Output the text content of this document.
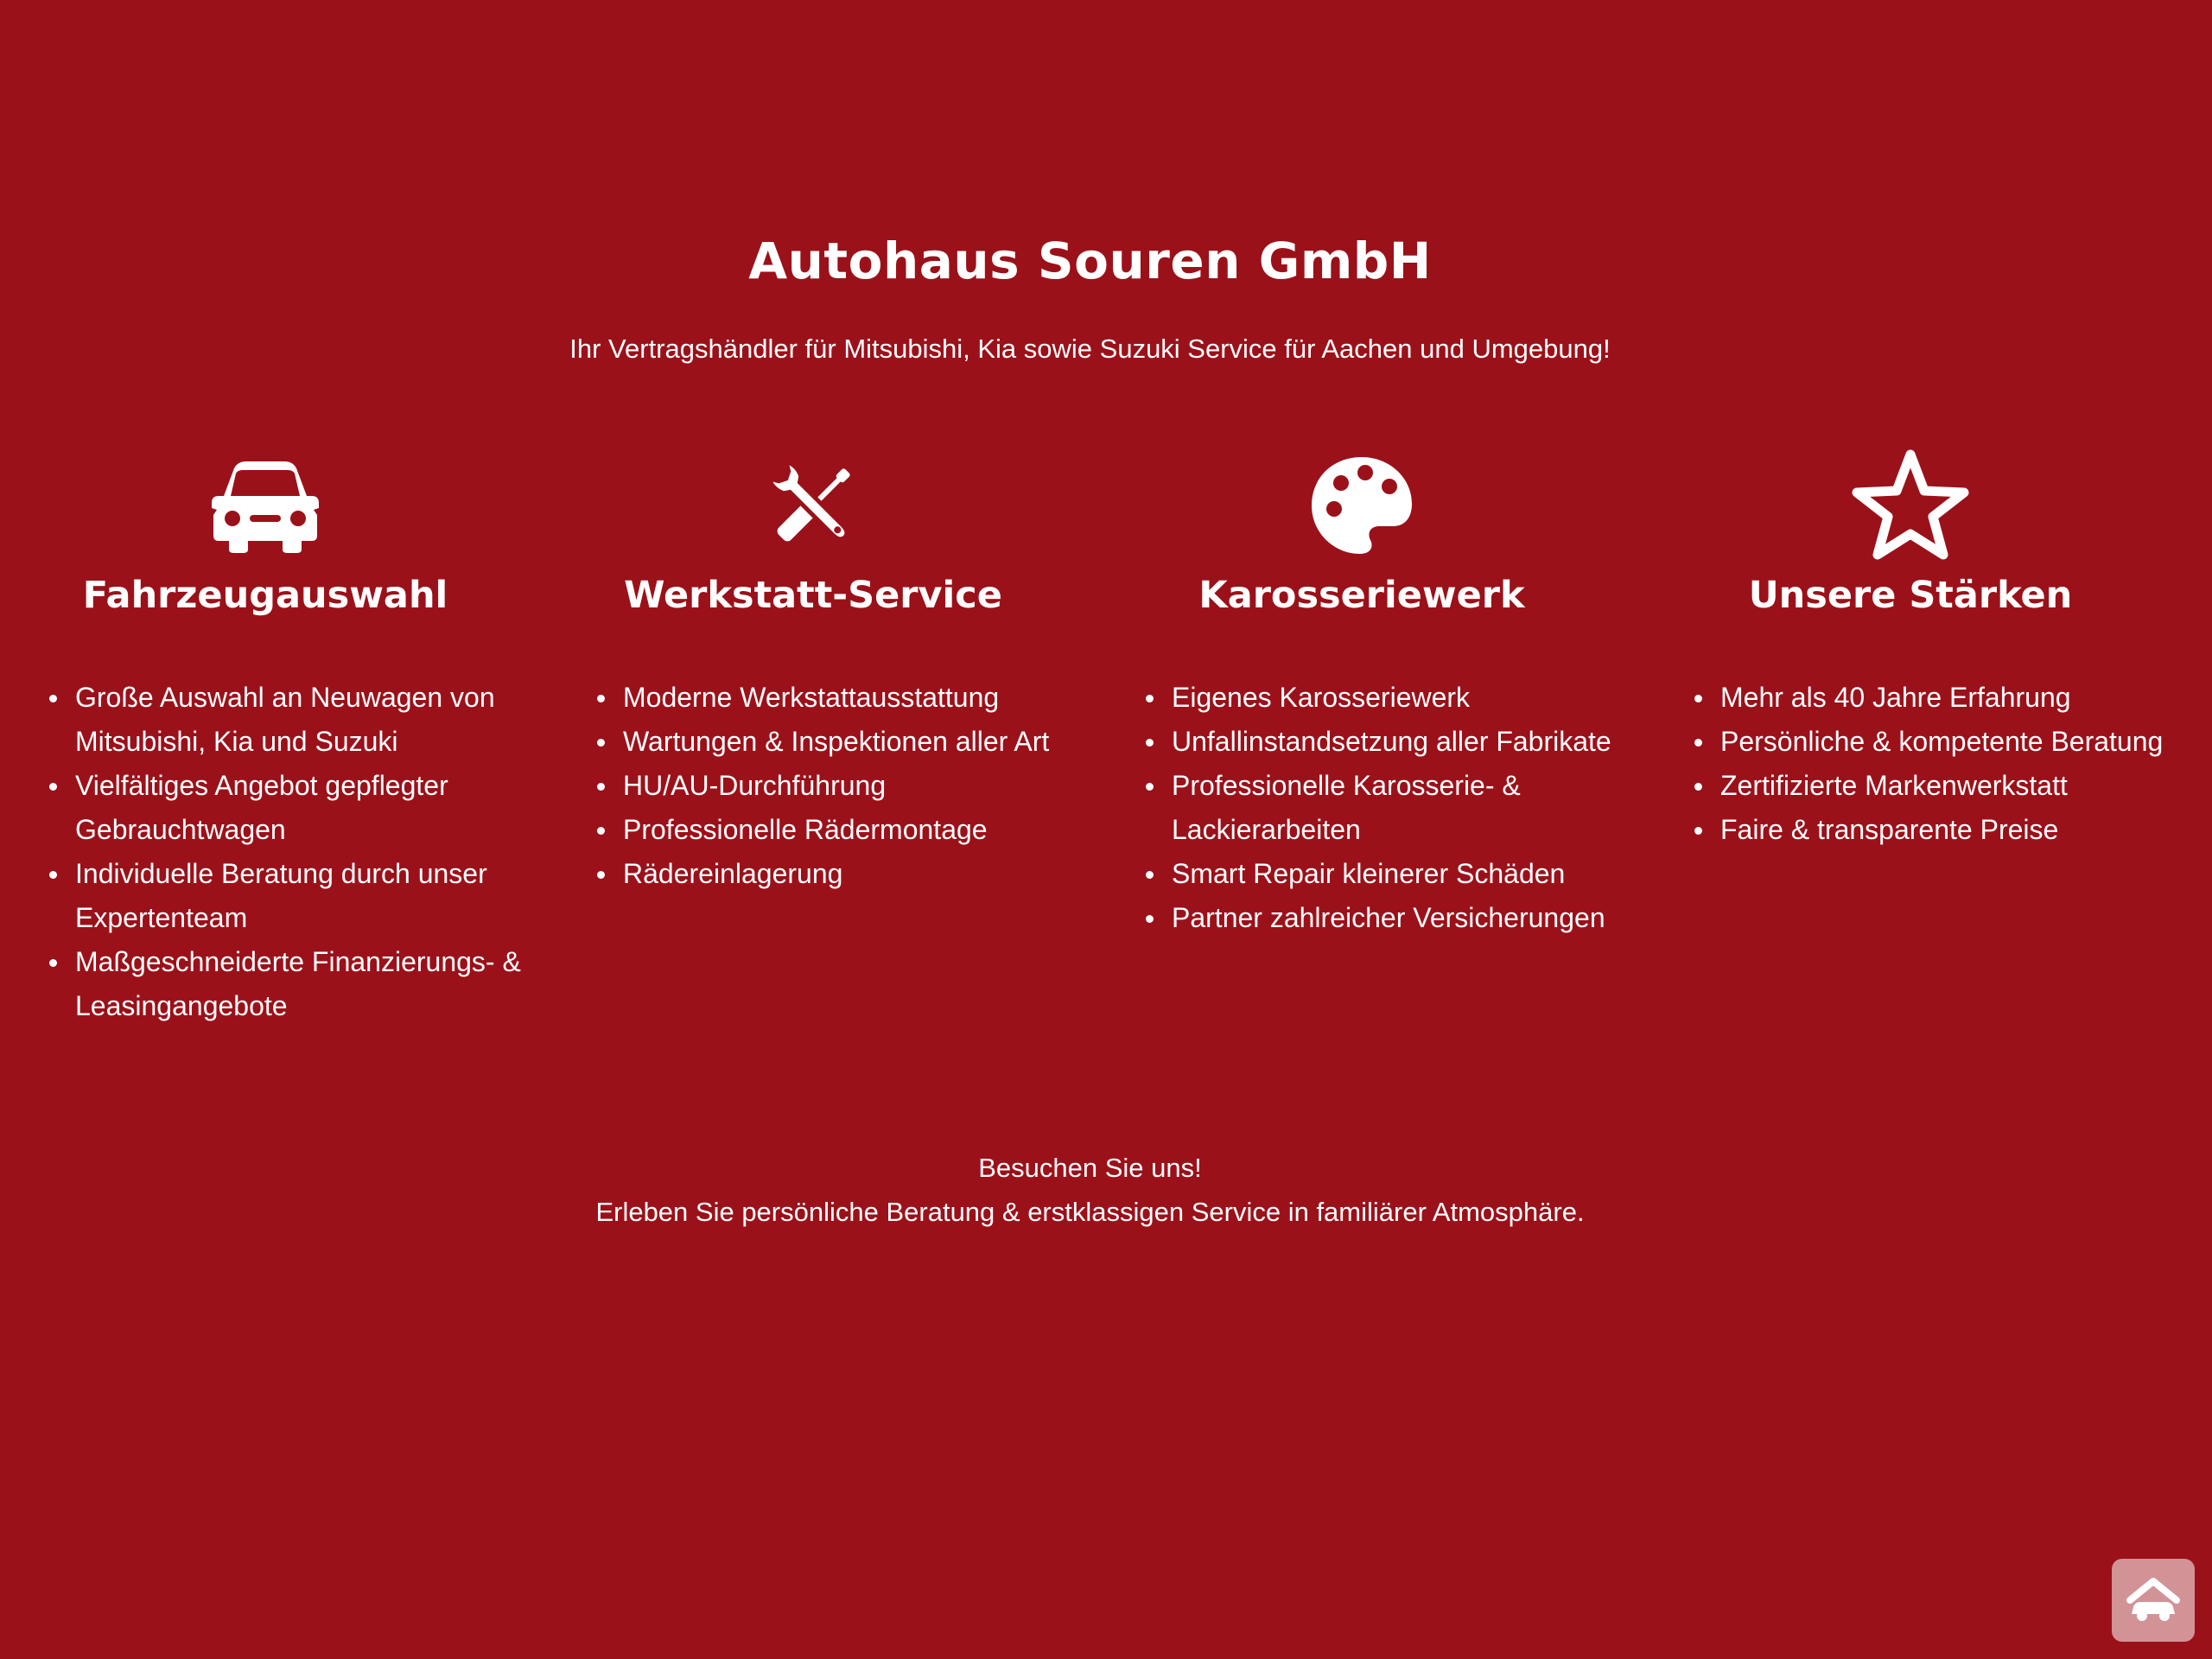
Autohaus Souren GmbH

Ihr Vertragshändler für Mitsubishi, Kia sowie Suzuki Service für Aachen und Umgebung!

Fahrzeugauswahl
Große Auswahl an Neuwagen von Mitsubishi, Kia und Suzuki
Vielfältiges Angebot gepflegter Gebrauchtwagen
Individuelle Beratung durch unser Expertenteam
Maßgeschneiderte Finanzierungs- & Leasingangebote
Werkstatt-Service
Moderne Werkstattausstattung
Wartungen & Inspektionen aller Art
HU/AU-Durchführung
Professionelle Rädermontage
Rädereinlagerung
Karosseriewerk
Eigenes Karosseriewerk
Unfallinstandsetzung aller Fabrikate
Professionelle Karosserie- & Lackierarbeiten
Smart Repair kleinerer Schäden
Partner zahlreicher Versicherungen
Unsere Stärken
Mehr als 40 Jahre Erfahrung
Persönliche & kompetente Beratung
Zertifizierte Markenwerkstatt
Faire & transparente Preise

Besuchen Sie uns!

Erleben Sie persönliche Beratung & erstklassigen Service in familiärer Atmosphäre.
